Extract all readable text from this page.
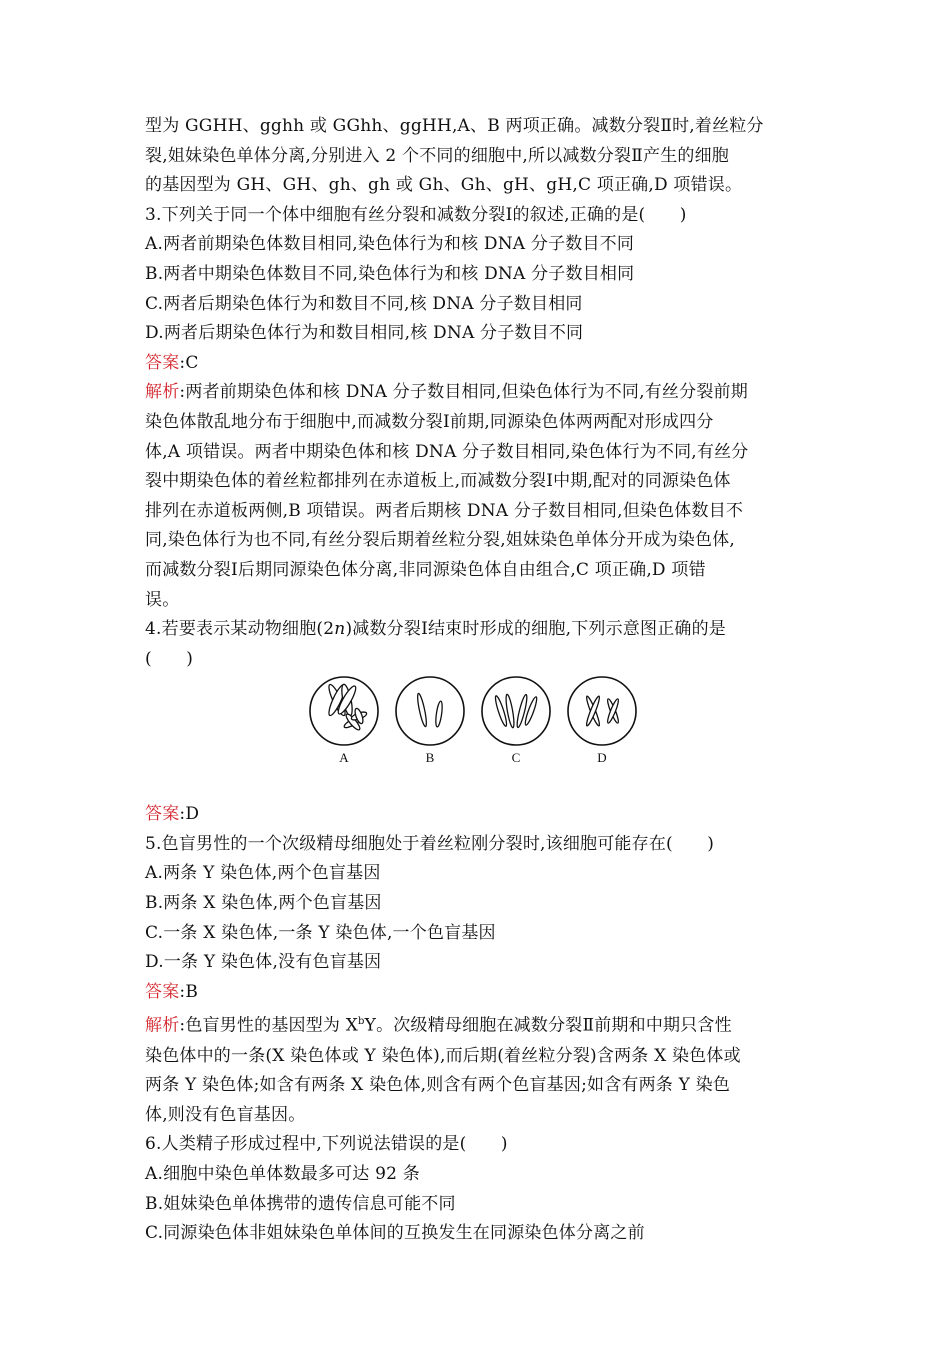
型为 GGHH、gghh 或 GGhh、ggHH,A、B 两项正确。减数分裂Ⅱ时,着丝粒分
裂,姐妹染色单体分离,分别进入 2 个不同的细胞中,所以减数分裂Ⅱ产生的细胞
的基因型为 GH、GH、gh、gh 或 Gh、Gh、gH、gH,C 项正确,D 项错误。
3.下列关于同一个体中细胞有丝分裂和减数分裂Ⅰ的叙述,正确的是(　　)
A.两者前期染色体数目相同,染色体行为和核 DNA 分子数目不同
B.两者中期染色体数目不同,染色体行为和核 DNA 分子数目相同
C.两者后期染色体行为和数目不同,核 DNA 分子数目相同
D.两者后期染色体行为和数目相同,核 DNA 分子数目不同
答案:C
解析:两者前期染色体和核 DNA 分子数目相同,但染色体行为不同,有丝分裂前期
染色体散乱地分布于细胞中,而减数分裂Ⅰ前期,同源染色体两两配对形成四分
体,A 项错误。两者中期染色体和核 DNA 分子数目相同,染色体行为不同,有丝分
裂中期染色体的着丝粒都排列在赤道板上,而减数分裂Ⅰ中期,配对的同源染色体
排列在赤道板两侧,B 项错误。两者后期核 DNA 分子数目相同,但染色体数目不
同,染色体行为也不同,有丝分裂后期着丝粒分裂,姐妹染色单体分开成为染色体,
而减数分裂Ⅰ后期同源染色体分离,非同源染色体自由组合,C 项正确,D 项错
误。
4.若要表示某动物细胞(2n)减数分裂Ⅰ结束时形成的细胞,下列示意图正确的是
(　　)
A	B	C	D
答案:D
5.色盲男性的一个次级精母细胞处于着丝粒刚分裂时,该细胞可能存在(　　)
A.两条 Y 染色体,两个色盲基因
B.两条 X 染色体,两个色盲基因
C.一条 X 染色体,一条 Y 染色体,一个色盲基因
D.一条 Y 染色体,没有色盲基因
答案:B
解析:色盲男性的基因型为 $X^bY$。次级精母细胞在减数分裂Ⅱ前期和中期只含性
染色体中的一条(X 染色体或 Y 染色体),而后期(着丝粒分裂)含两条 X 染色体或
两条 Y 染色体;如含有两条 X 染色体,则含有两个色盲基因;如含有两条 Y 染色
体,则没有色盲基因。
6.人类精子形成过程中,下列说法错误的是(　　)
A.细胞中染色单体数最多可达 92 条
B.姐妹染色单体携带的遗传信息可能不同
C.同源染色体非姐妹染色单体间的互换发生在同源染色体分离之前
